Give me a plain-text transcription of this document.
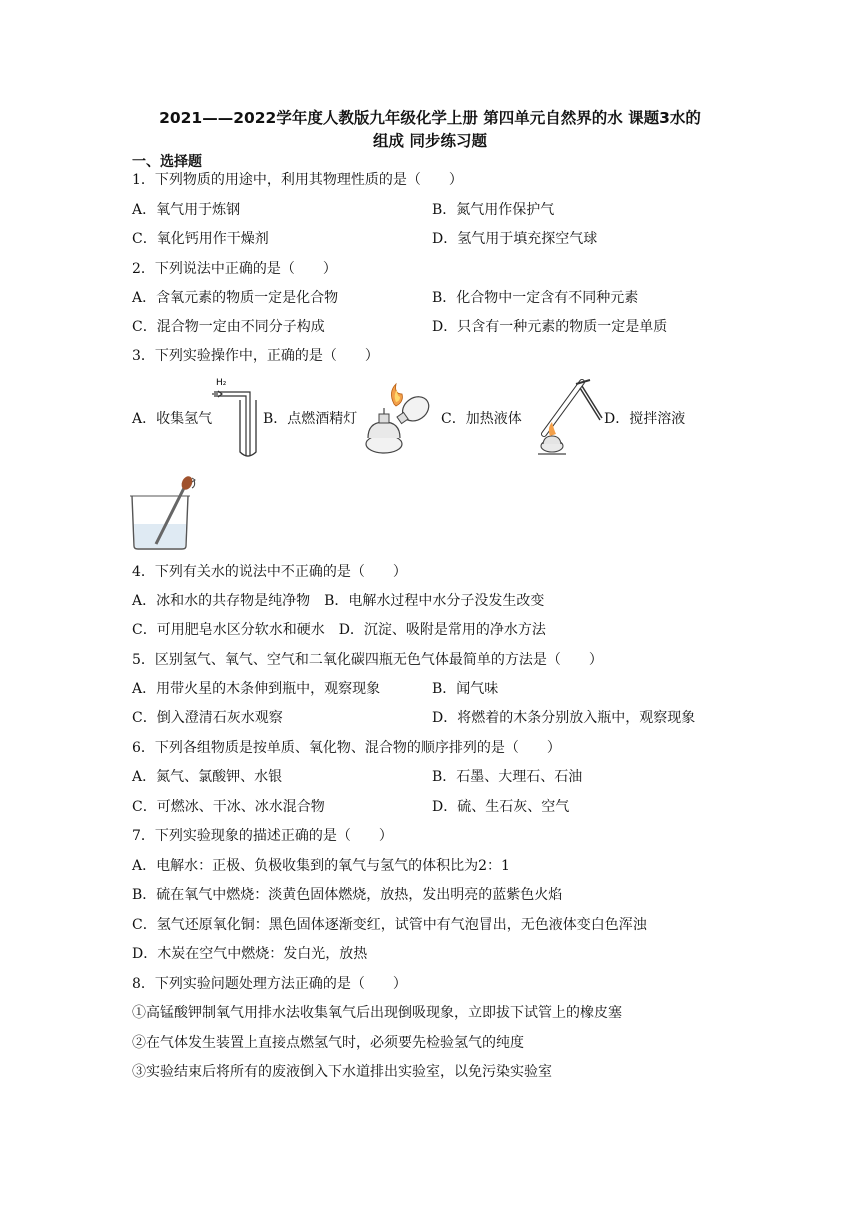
2021——2022学年度人教版九年级化学上册 第四单元自然界的水 课题3水的
组成 同步练习题
一、选择题
1．下列物质的用途中，利用其物理性质的是（　　）
A．氧气用于炼钢	B．氮气用作保护气
C．氧化钙用作干燥剂	D．氢气用于填充探空气球
2．下列说法中正确的是（　　）
A．含氧元素的物质一定是化合物	B．化合物中一定含有不同种元素
C．混合物一定由不同分子构成	D．只含有一种元素的物质一定是单质
3．下列实验操作中，正确的是（　　）
A．收集氢气
H₂
B．点燃酒精灯	C．加热液体	D．搅拌溶液
4．下列有关水的说法中不正确的是（　　）
A．冰和水的共存物是纯净物　B．电解水过程中水分子没发生改变
C．可用肥皂水区分软水和硬水　D．沉淀、吸附是常用的净水方法
5．区别氢气、氧气、空气和二氧化碳四瓶无色气体最简单的方法是（　　）
A．用带火星的木条伸到瓶中，观察现象	B．闻气味
C．倒入澄清石灰水观察	D．将燃着的木条分别放入瓶中，观察现象
6．下列各组物质是按单质、氧化物、混合物的顺序排列的是（　　）
A．氮气、氯酸钾、水银	B．石墨、大理石、石油
C．可燃冰、干冰、冰水混合物	D．硫、生石灰、空气
7．下列实验现象的描述正确的是（　　）
A．电解水：正极、负极收集到的氧气与氢气的体积比为2：1
B．硫在氧气中燃烧：淡黄色固体燃烧，放热，发出明亮的蓝紫色火焰
C．氢气还原氧化铜：黑色固体逐渐变红，试管中有气泡冒出，无色液体变白色浑浊
D．木炭在空气中燃烧：发白光，放热
8．下列实验问题处理方法正确的是（　　）
①高锰酸钾制氧气用排水法收集氧气后出现倒吸现象，立即拔下试管上的橡皮塞
②在气体发生装置上直接点燃氢气时，必须要先检验氢气的纯度
③实验结束后将所有的废液倒入下水道排出实验室，以免污染实验室
